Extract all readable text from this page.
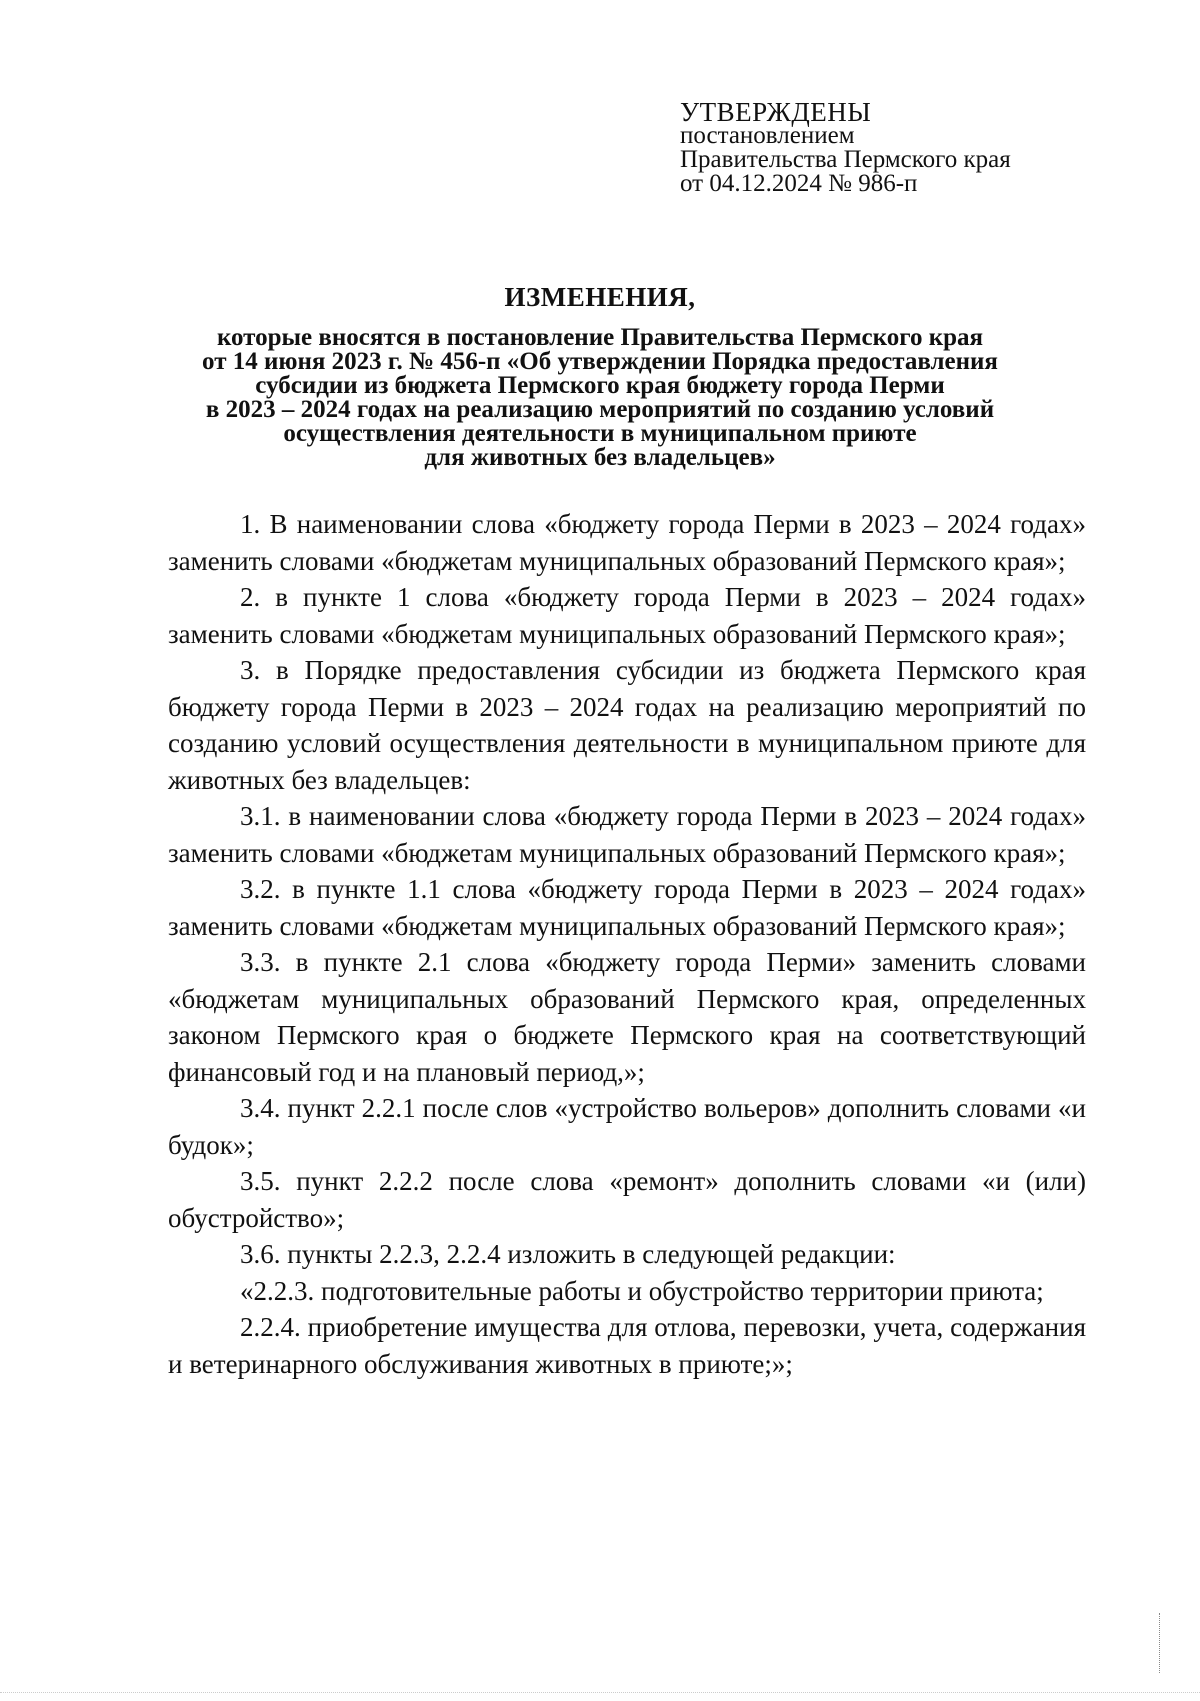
УТВЕРЖДЕНЫ
постановлением
Правительства Пермского края
от 04.12.2024 № 986-п
ИЗМЕНЕНИЯ,
которые вносятся в постановление Правительства Пермского края
от 14 июня 2023 г. № 456-п «Об утверждении Порядка предоставления
субсидии из бюджета Пермского края бюджету города Перми
в 2023 – 2024 годах на реализацию мероприятий по созданию условий
осуществления деятельности в муниципальном приюте
для животных без владельцев»

1. В наименовании слова «бюджету города Перми в 2023 – 2024 годах» заменить словами «бюджетам муниципальных образований Пермского края»;

2. в пункте 1 слова «бюджету города Перми в 2023 – 2024 годах» заменить словами «бюджетам муниципальных образований Пермского края»;

3. в Порядке предоставления субсидии из бюджета Пермского края бюджету города Перми в 2023 – 2024 годах на реализацию мероприятий по созданию условий осуществления деятельности в муниципальном приюте для животных без владельцев:

3.1. в наименовании слова «бюджету города Перми в 2023 – 2024 годах» заменить словами «бюджетам муниципальных образований Пермского края»;

3.2. в пункте 1.1 слова «бюджету города Перми в 2023 – 2024 годах» заменить словами «бюджетам муниципальных образований Пермского края»;

3.3. в пункте 2.1 слова «бюджету города Перми» заменить словами «бюджетам муниципальных образований Пермского края, определенных законом Пермского края о бюджете Пермского края на соответствующий финансовый год и на плановый период,»;

3.4. пункт 2.2.1 после слов «устройство вольеров» дополнить словами «и будок»;

3.5. пункт 2.2.2 после слова «ремонт» дополнить словами «и (или) обустройство»;

3.6. пункты 2.2.3, 2.2.4 изложить в следующей редакции:

«2.2.3. подготовительные работы и обустройство территории приюта;

2.2.4. приобретение имущества для отлова, перевозки, учета, содержания и ветеринарного обслуживания животных в приюте;»;
